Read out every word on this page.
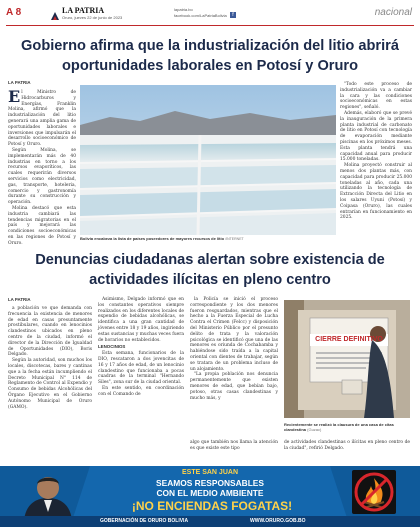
A 8	LA PATRIA
Oruro, jueves 22 de junio de 2023
lapatria.bo
facebook.com/LaPatriaBolivia	f	nacional
Gobierno afirma que la industrialización del litio abrirá oportunidades laborales en Potosí y Oruro
LA PATRIA

El Ministro de Hidrocarburos y Energías, Franklin Molina, afirmó que la industrialización del litio generará una amplia gama de oportunidades laborales e inversiones que impulsarán el desarrollo socioeconómico de Potosí y Oruro.

Según Molina, se implementarán más de 40 industrias en torno a los recursos evaporíticos, las cuales requerirán diversos servicios como electricidad, gas, transporte, hoteleria, comercio y gastronomía durante su construcción y operación.

Molina destacó que esta industria cambiará las tendencias migratorias en el país y mejorará las condiciones socioeconómicas en las regiones de Potosí y Oruro.

Bolivia encabeza la lista de países poseedores de mayores recursos de litio /INTERNET

"Todo este proceso de industrialización va a cambiar la cara y las condiciones socioeconómicas en estas regiones", señaló.

Además, elaboró que se prevé la inauguración de la primera planta industrial de carbonato de litio en Potosí con tecnología de evaporación mediante piscinas en los próximos meses. Esta planta tendrá una capacidad anual para producir 15.000 toneladas.

Molina proyectó construir al menos dos plantas más, con capacidad para producir 25.000 toneladas al año, cada una utilizando la tecnología de Extracción Directa del Litio en los salares Uyuni (Potosí) y Coipasa (Oruro), las cuales entrarían en funcionamiento en 2025.

Denuncias ciudadanas alertan sobre existencia de actividades ilícitas en pleno centro
LA PATRIA

a población ve que demanda con frecuencia la existencia de menores de edad en casas presuntamente prostibulares, cuando en lenocinios clandestinos ubicados en pleno centro de la ciudad, informó el director de la Dirección de Igualdad de Oportunidades (DIO), Boris Delgado.

Según la autoridad, son muchos los locales, discotecas, bares y cantinas que a la fecha están incumpliendo el Decreto Municipal N° 114 de Reglamento de Control al Expendio y Consumo de bebidas Alcohólicas del Órgano Ejecutivo en el Gobierno Autónomo Municipal de Oruro (GAMO).

Asimismo, Delgado informó que en los constantes operativos siempre realizados en los diferentes locales de expendio de bebidas alcohólicas, se identifica a una gran cantidad de jóvenes entre 18 y 19 años, ingiriendo estas sustancias y muchas veces fuera de horarios no establecidos.

LENOCINIOS

Esta semana, funcionarios de la DIO, rescataron a dos jovencitas de 16 y 17 años de edad, de un lenocinio clandestino que funcionaba a pocas cuadras de la terminal "Hernando Siles", zona sur de la ciudad oriental.

En este sentido, en coordinación con el Comando de

la Policía se inició el proceso correspondiente y los dos menores fueron resguardados, mientras que el hecho a la Fuerza Especial de Lucha Contra el Crimen (Felcc) y disposición del Ministerio Público por el presunto delito de trata y la valoración psicológica se identificó que una de las menores es oriunda de Cochabamba y habiéndose sido traída a la capital oriental con dientes de trabajar, según se tratara de un problema incluso de un alojamiento.

"La propia población nos denuncia permanentemente que existen menores de edad, que bebían bajo, potoso, otras casas clandestinas y mucho más, y

CIERRE DEFINITIVO
Recientemente se realizó la clausura de una casa de citas clandestina (Guzac)

algo que también nos llama la atención es que existe este tipo

de actividades clandestinas o ilícitas en pleno centro de la ciudad", refirió Delgado.

ESTE SAN JUAN
SEAMOS RESPONSABLES
CON EL MEDIO AMBIENTE
¡NO ENCIENDAS FOGATAS!
GOBERNACIÓN DE ORURO BOLIVIA	WWW.ORURO.GOB.BO
